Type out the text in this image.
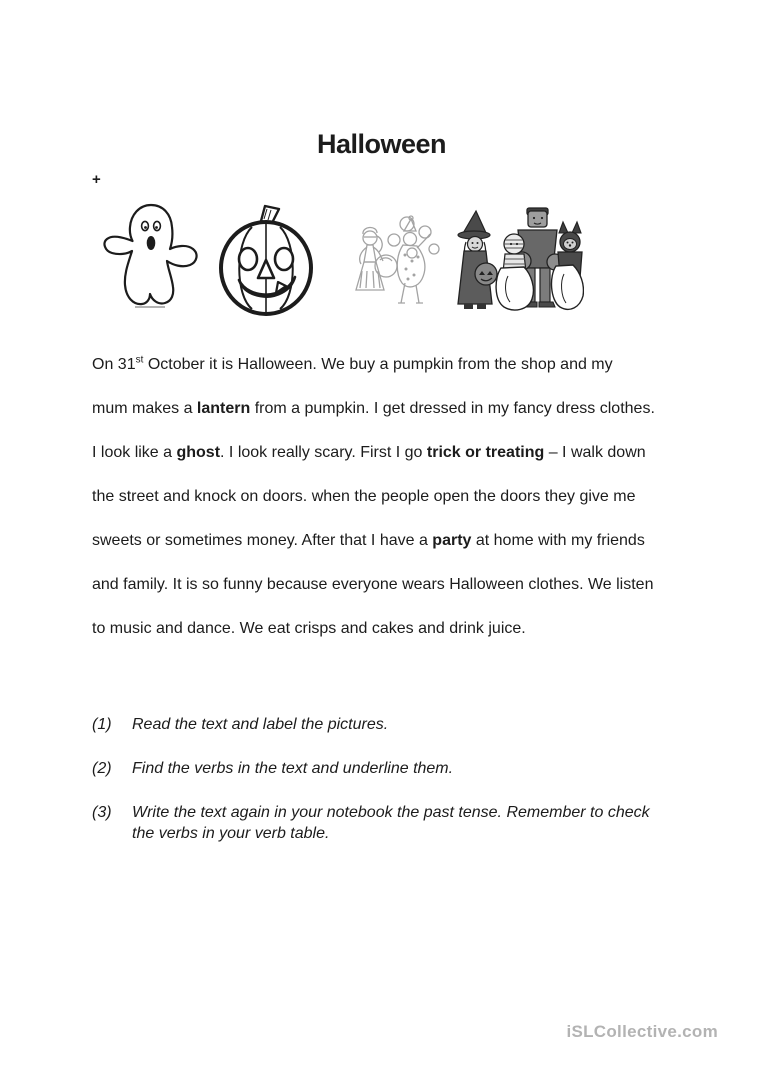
Halloween
+
On 31st October it is Halloween. We buy a pumpkin from the shop and my
mum makes a lantern from a pumpkin. I get dressed in my fancy dress clothes.
I look like a ghost. I look really scary. First I go trick or treating – I walk down
the street and knock on doors. when the people open the doors they give me
sweets or sometimes money. After that I have a party at home with my friends
and family. It is so funny because everyone wears Halloween clothes. We listen
to music and dance. We eat crisps and cakes and drink juice.
(1)	Read the text and label the pictures.
(2)	Find the verbs in the text and underline them.
(3)	Write the text again in your notebook the past tense. Remember to check
the verbs in your verb table.
iSLCollective.com
